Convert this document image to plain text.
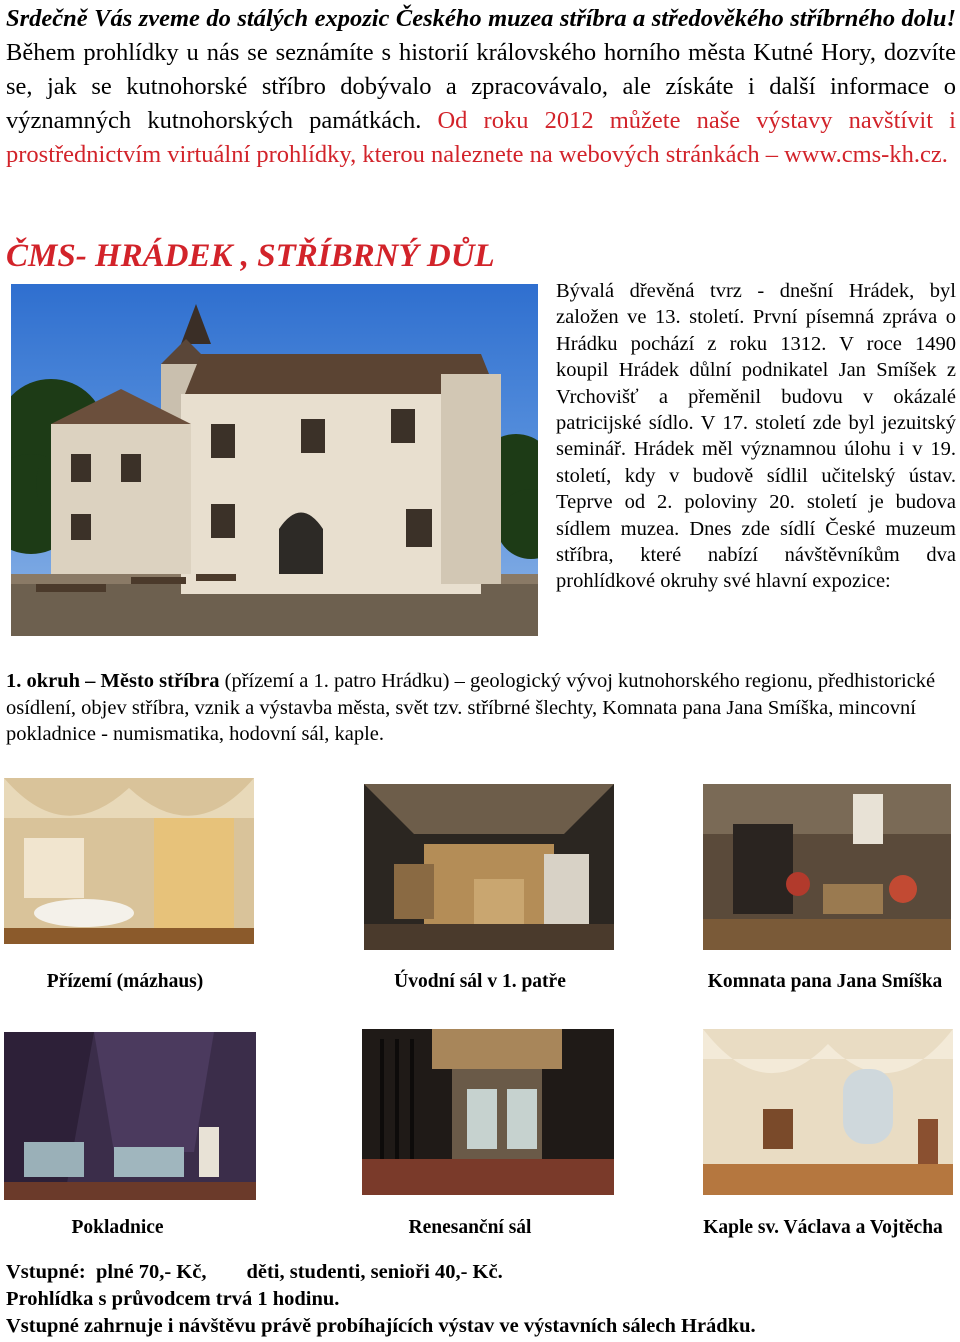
Srdečně Vás zveme do stálých expozic Českého muzea stříbra a středověkého stříbrného dolu! Během prohlídky u nás se seznámíte s historií královského horního města Kutné Hory, dozvíte se, jak se kutnohorské stříbro dobývalo a zpracovávalo, ale získáte i další informace o významných kutnohorských památkách. Od roku 2012 můžete naše výstavy navštívit i prostřednictvím virtuální prohlídky, kterou naleznete na webových stránkách – www.cms-kh.cz.
ČMS- HRÁDEK , STŘÍBRNÝ DŮL
Bývalá dřevěná tvrz - dnešní Hrádek, byl založen ve 13. století. První písemná zpráva o Hrádku pochází z roku 1312. V roce 1490 koupil Hrádek důlní podnikatel Jan Smíšek z Vrchovišť a přeměnil budovu v okázalé patricijské sídlo. V 17. století zde byl jezuitský seminář. Hrádek měl významnou úlohu i v 19. století, kdy v budově sídlil učitelský ústav. Teprve od 2. poloviny 20. století je budova sídlem muzea. Dnes zde sídlí České muzeum stříbra, které nabízí návštěvníkům dva prohlídkové okruhy své hlavní expozice:
1. okruh – Město stříbra (přízemí a 1. patro Hrádku) – geologický vývoj kutnohorského regionu, předhistorické osídlení, objev stříbra, vznik a výstavba města, svět tzv. stříbrné šlechty, Komnata pana Jana Smíška, mincovní pokladnice - numismatika, hodovní sál, kaple.
Přízemí (mázhaus)	Úvodní sál v 1. patře	Komnata pana Jana Smíška
Pokladnice	Renesanční sál	Kaple sv. Václava a Vojtěcha
Vstupné: plné 70,- Kč, děti, studenti, senioři 40,- Kč.
Prohlídka s průvodcem trvá 1 hodinu.
Vstupné zahrnuje i návštěvu právě probíhajících výstav ve výstavních sálech Hrádku.
